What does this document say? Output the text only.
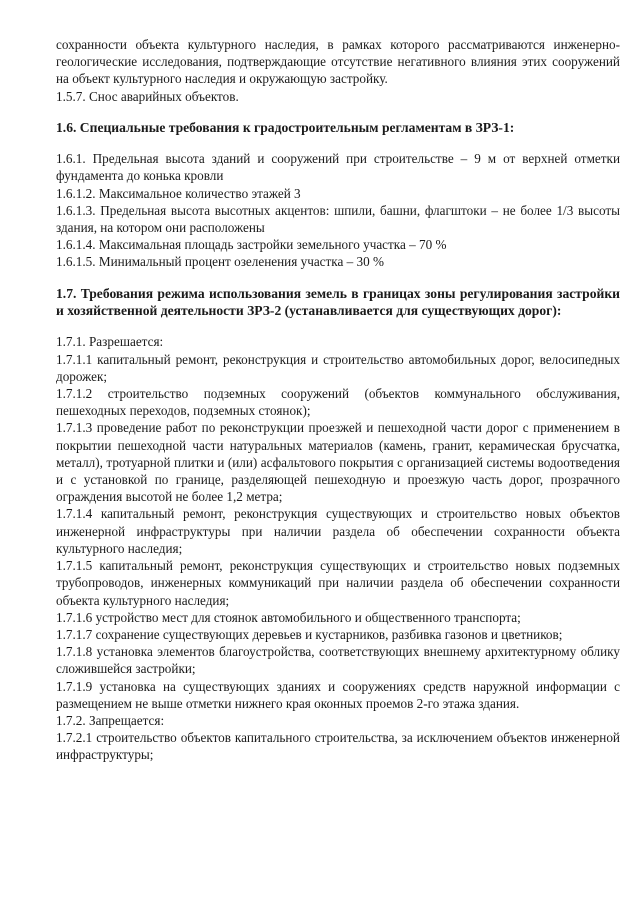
сохранности объекта культурного наследия, в рамках которого рассматриваются инженерно-геологические исследования, подтверждающие отсутствие негативного влияния этих сооружений на объект культурного наследия и окружающую застройку.

1.5.7. Снос аварийных объектов.

1.6. Специальные требования к градостроительным регламентам в ЗРЗ-1:

1.6.1. Предельная высота зданий и сооружений при строительстве – 9 м от верхней отметки фундамента до конька кровли

1.6.1.2. Максимальное количество этажей 3

1.6.1.3. Предельная высота высотных акцентов: шпили, башни, флагштоки – не более 1/3 высоты здания, на котором они расположены

1.6.1.4. Максимальная площадь застройки земельного участка – 70 %

1.6.1.5. Минимальный процент озеленения участка – 30 %

1.7. Требования режима использования земель в границах зоны регулирования застройки и хозяйственной деятельности ЗРЗ-2 (устанавливается для существующих дорог):

1.7.1. Разрешается:

1.7.1.1 капитальный ремонт, реконструкция и строительство автомобильных дорог, велосипедных дорожек;

1.7.1.2 строительство подземных сооружений (объектов коммунального обслуживания, пешеходных переходов, подземных стоянок);

1.7.1.3 проведение работ по реконструкции проезжей и пешеходной части дорог с применением в покрытии пешеходной части натуральных материалов (камень, гранит, керамическая брусчатка, металл), тротуарной плитки и (или) асфальтового покрытия с организацией системы водоотведения и с установкой по границе, разделяющей пешеходную и проезжую часть дорог, прозрачного ограждения высотой не более 1,2 метра;

1.7.1.4 капитальный ремонт, реконструкция существующих и строительство новых объектов инженерной инфраструктуры при наличии раздела об обеспечении сохранности объекта культурного наследия;

1.7.1.5 капитальный ремонт, реконструкция существующих и строительство новых подземных трубопроводов, инженерных коммуникаций при наличии раздела об обеспечении сохранности объекта культурного наследия;

1.7.1.6 устройство мест для стоянок автомобильного и общественного транспорта;

1.7.1.7 сохранение существующих деревьев и кустарников, разбивка газонов и цветников;

1.7.1.8 установка элементов благоустройства, соответствующих внешнему архитектурному облику сложившейся застройки;

1.7.1.9 установка на существующих зданиях и сооружениях средств наружной информации с размещением не выше отметки нижнего края оконных проемов 2-го этажа здания.

1.7.2. Запрещается:

1.7.2.1 строительство объектов капитального строительства, за исключением объектов инженерной инфраструктуры;
